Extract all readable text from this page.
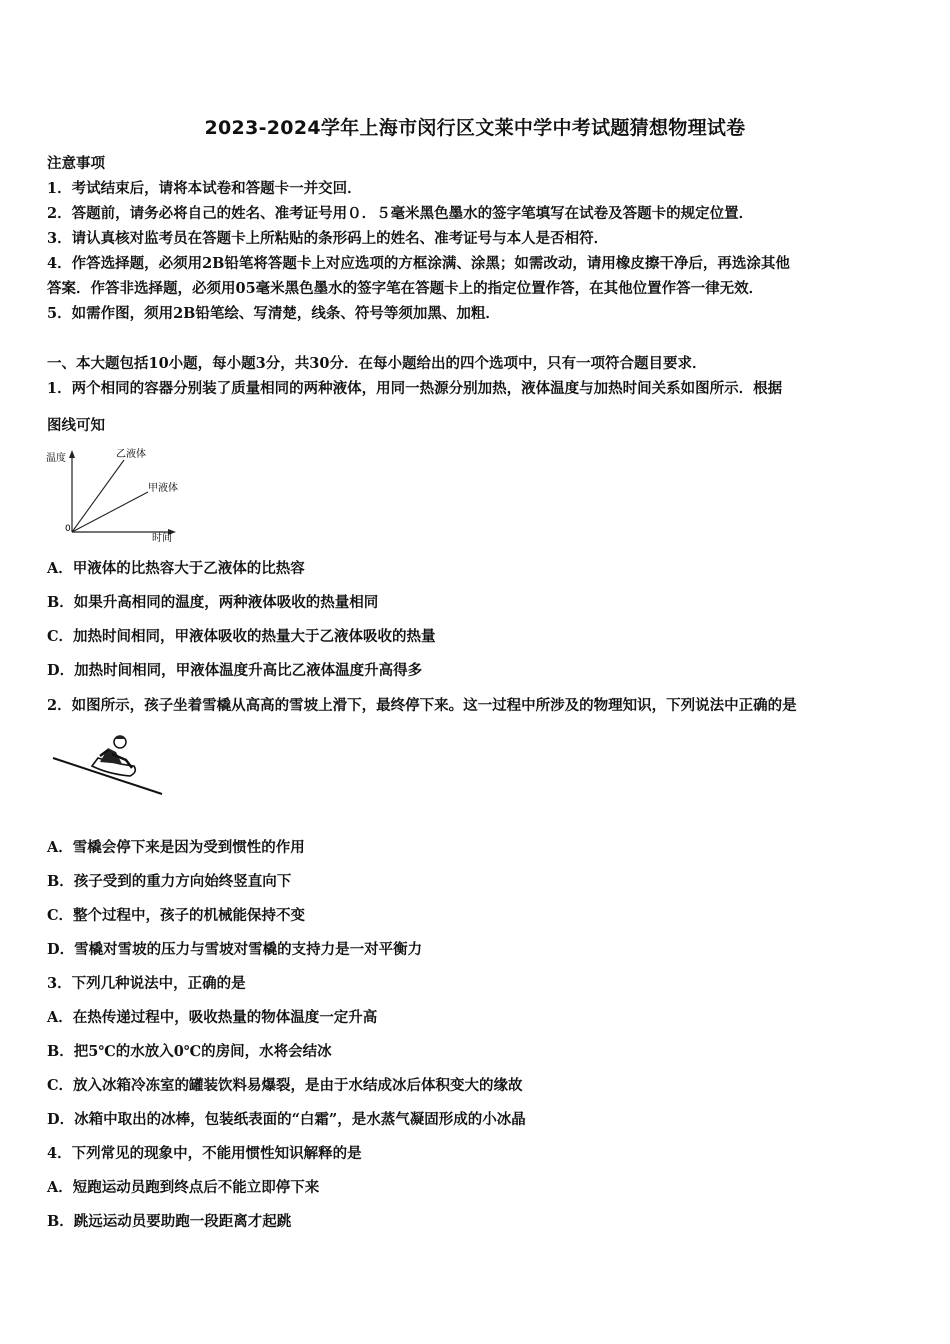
2023-2024学年上海市闵行区文莱中学中考试题猜想物理试卷
注意事项
1．考试结束后，请将本试卷和答题卡一并交回．
2．答题前，请务必将自己的姓名、准考证号用０．５毫米黑色墨水的签字笔填写在试卷及答题卡的规定位置．
3．请认真核对监考员在答题卡上所粘贴的条形码上的姓名、准考证号与本人是否相符．
4．作答选择题，必须用2B铅笔将答题卡上对应选项的方框涂满、涂黑；如需改动，请用橡皮擦干净后，再选涂其他
答案．作答非选择题，必须用05毫米黑色墨水的签字笔在答题卡上的指定位置作答，在其他位置作答一律无效．
5．如需作图，须用2B铅笔绘、写清楚，线条、符号等须加黑、加粗．
一、本大题包括10小题，每小题3分，共30分．在每小题给出的四个选项中，只有一项符合题目要求．
1．两个相同的容器分别装了质量相同的两种液体，用同一热源分别加热，液体温度与加热时间关系如图所示．根据
图线可知
温度
时间
0
乙液体
甲液体
A．甲液体的比热容大于乙液体的比热容
B．如果升高相同的温度，两种液体吸收的热量相同
C．加热时间相同，甲液体吸收的热量大于乙液体吸收的热量
D．加热时间相同，甲液体温度升高比乙液体温度升高得多
2．如图所示，孩子坐着雪橇从高高的雪坡上滑下，最终停下来。这一过程中所涉及的物理知识，下列说法中正确的是
A．雪橇会停下来是因为受到惯性的作用
B．孩子受到的重力方向始终竖直向下
C．整个过程中，孩子的机械能保持不变
D．雪橇对雪坡的压力与雪坡对雪橇的支持力是一对平衡力
3．下列几种说法中，正确的是
A．在热传递过程中，吸收热量的物体温度一定升高
B．把5℃的水放入0℃的房间，水将会结冰
C．放入冰箱冷冻室的罐装饮料易爆裂，是由于水结成冰后体积变大的缘故
D．冰箱中取出的冰棒，包装纸表面的“白霜”，是水蒸气凝固形成的小冰晶
4．下列常见的现象中，不能用惯性知识解释的是
A．短跑运动员跑到终点后不能立即停下来
B．跳远运动员要助跑一段距离才起跳
